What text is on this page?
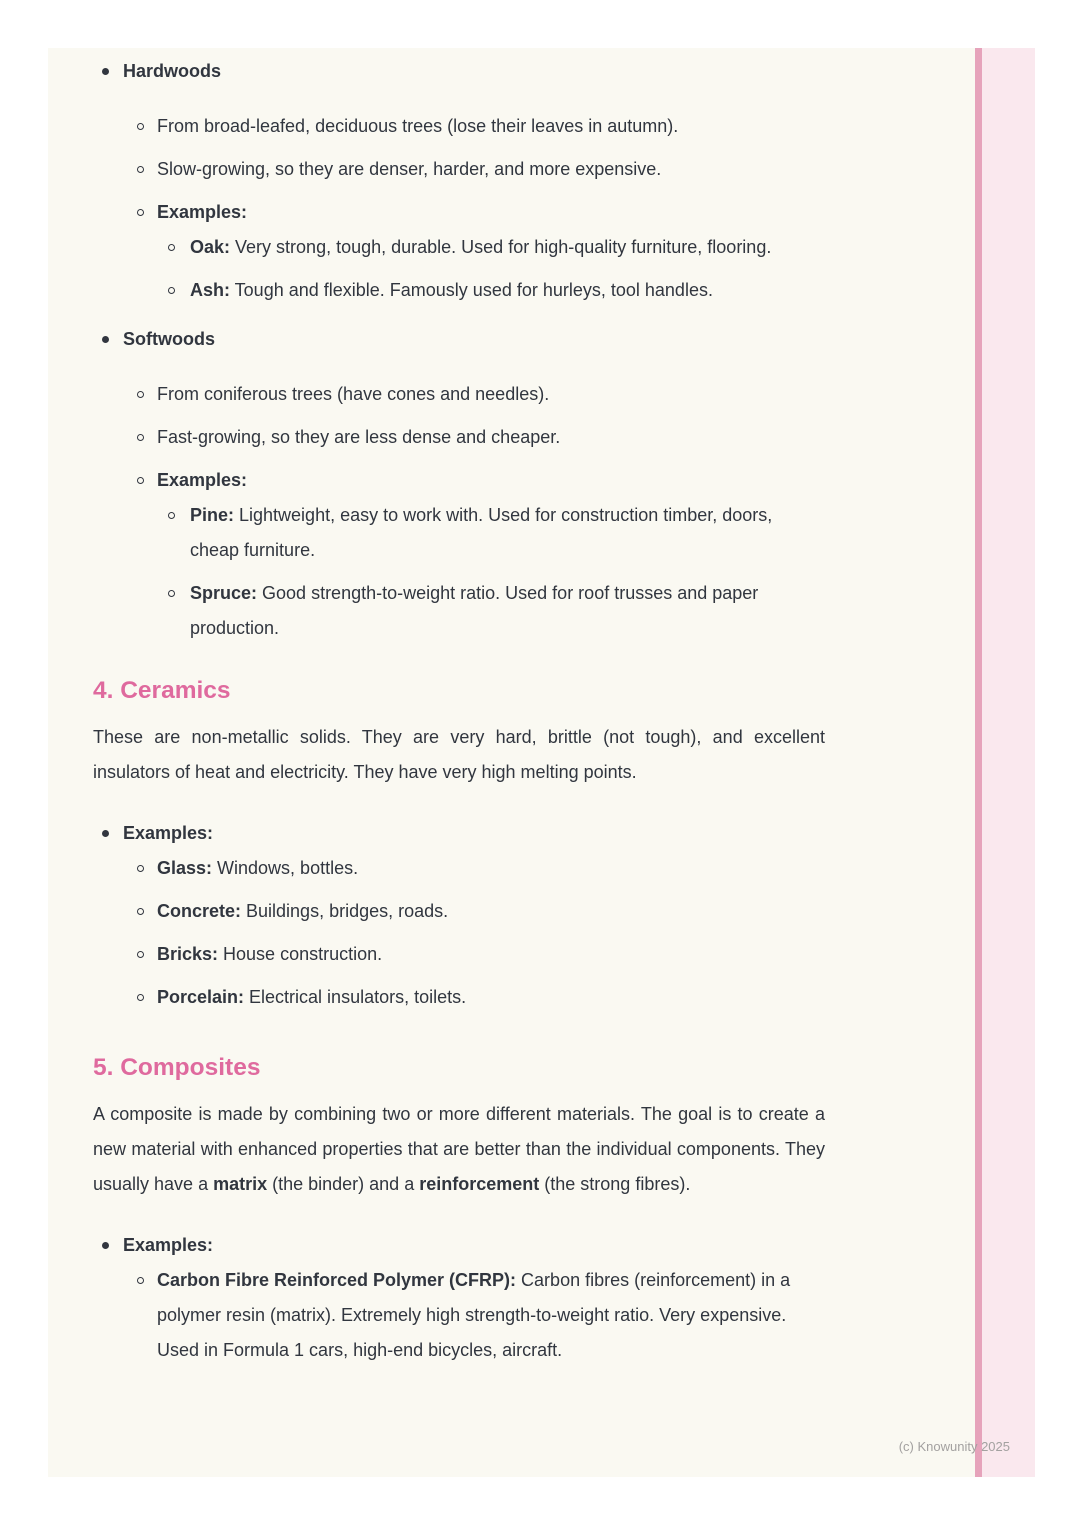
Hardwoods
From broad-leafed, deciduous trees (lose their leaves in autumn).
Slow-growing, so they are denser, harder, and more expensive.
Examples:
Oak: Very strong, tough, durable. Used for high-quality furniture, flooring.
Ash: Tough and flexible. Famously used for hurleys, tool handles.
Softwoods
From coniferous trees (have cones and needles).
Fast-growing, so they are less dense and cheaper.
Examples:
Pine: Lightweight, easy to work with. Used for construction timber, doors, cheap furniture.
Spruce: Good strength-to-weight ratio. Used for roof trusses and paper production.
4. Ceramics
These are non-metallic solids. They are very hard, brittle (not tough), and excellent insulators of heat and electricity. They have very high melting points.
Examples:
Glass: Windows, bottles.
Concrete: Buildings, bridges, roads.
Bricks: House construction.
Porcelain: Electrical insulators, toilets.
5. Composites
A composite is made by combining two or more different materials. The goal is to create a new material with enhanced properties that are better than the individual components. They usually have a matrix (the binder) and a reinforcement (the strong fibres).
Examples:
Carbon Fibre Reinforced Polymer (CFRP): Carbon fibres (reinforcement) in a polymer resin (matrix). Extremely high strength-to-weight ratio. Very expensive. Used in Formula 1 cars, high-end bicycles, aircraft.
(c) Knowunity 2025
